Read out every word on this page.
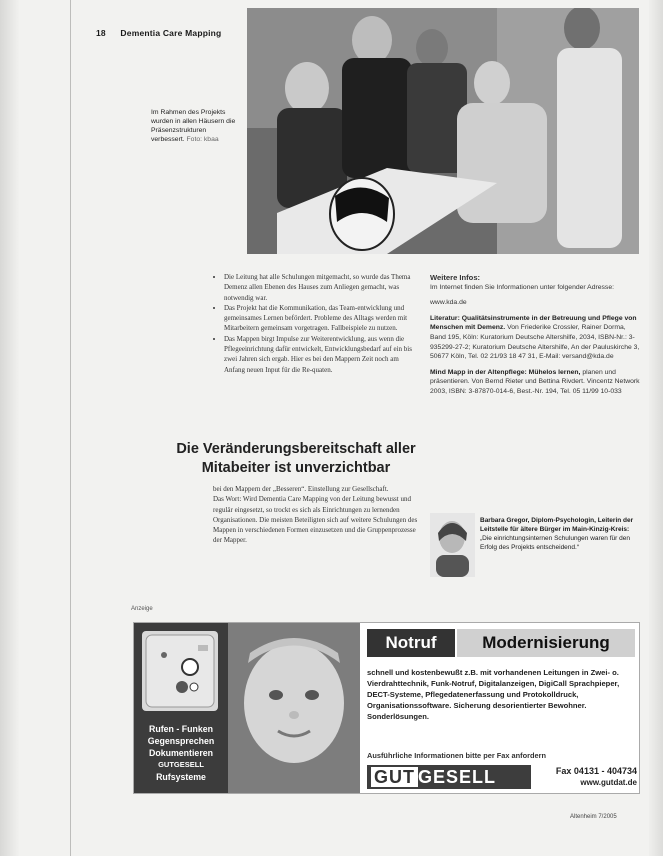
18 Dementia Care Mapping
Im Rahmen des Projekts wurden in allen Häusern die Präsenzstrukturen verbessert. Foto: kbaa
• Die Leitung hat alle Schulungen mitgemacht, so wurde das Thema Demenz allen Ebenen des Hauses zum Anliegen gemacht, was notwendig war.
• Das Projekt hat die Kommunikation, das Team-entwicklung und gemeinsames Lernen befördert. Probleme des Alltags werden mit Mitarbeitern gemeinsam vorgetragen. Fallbeispiele zu nutzen.
• Das Mappen birgt Impulse zur Weiterentwicklung, aus wenn die Pflegeeinrichtung dafür entwickelt, Entwicklungsbedarf auf ein bis zwei Jahren sich ergab. Hier es bei den Mappern Zeit noch am Anfang neuen Input für die Re-quaten.
Die Veränderungsbereitschaft aller Mitabeiter ist unverzichtbar

bei den Mappern der „Besseren“. Einstellung zur Gesellschaft.

Das Wort: Wird Dementia Care Mapping von der Leitung bewusst und regulär eingesetzt, so trockt es sich als Einrichtungen zu lernenden Organisationen. Die meisten Beteiligten sich auf weitere Schulungen des Mappen in verschiedenen Formen einzusetzen und die Gruppenprozesse der Mapper.

Weitere Infos:

Im Internet finden Sie Informationen unter folgender Adresse:

www.kda.de

Literatur: Qualitätsinstrumente in der Betreuung und Pflege von Menschen mit Demenz. Von Friederike Crossler, Rainer Dorma, Band 195, Köln: Kuratorium Deutsche Altershilfe, 2034, ISBN-Nr.: 3-935299-27-2; Kuratorium Deutsche Altershilfe, An der Pauluskirche 3, 50677 Köln, Tel. 02 21/93 18 47 31, E-Mail: versand@kda.de

Mind Mapp in der Altenpflege: Mühelos lernen, planen und präsentieren. Von Bernd Rieter und Bettina Rivdert. Vincentz Network 2003, ISBN: 3-87870-014-6, Best.-Nr. 194, Tel. 05 11/99 10-033

Barbara Gregor, Diplom-Psychologin, Leiterin der Leitstelle für ältere Bürger im Main-Kinzig-Kreis:
„Die einrichtungsinternen Schulungen waren für den Erfolg des Projekts entscheidend.“
Anzeige
Rufen - Funken
Gegensprechen
Dokumentieren
GUTGESELL
Rufsysteme
Notruf	Modernisierung
schnell und kostenbewußt z.B. mit vorhandenen Leitungen in Zwei- o. Vierdrahttechnik, Funk-Notruf, Digitalanzeigen, DigiCall Sprachpieper, DECT-Systeme, Pflegedatenerfassung und Protokolldruck, Organisationssoftware. Sicherung desorientierter Bewohner. Sonderlösungen.
Ausführliche Informationen bitte per Fax anfordern
GUT GESELL	Fax 04131 - 404734
www.gutdat.de
Altenheim 7/2005
